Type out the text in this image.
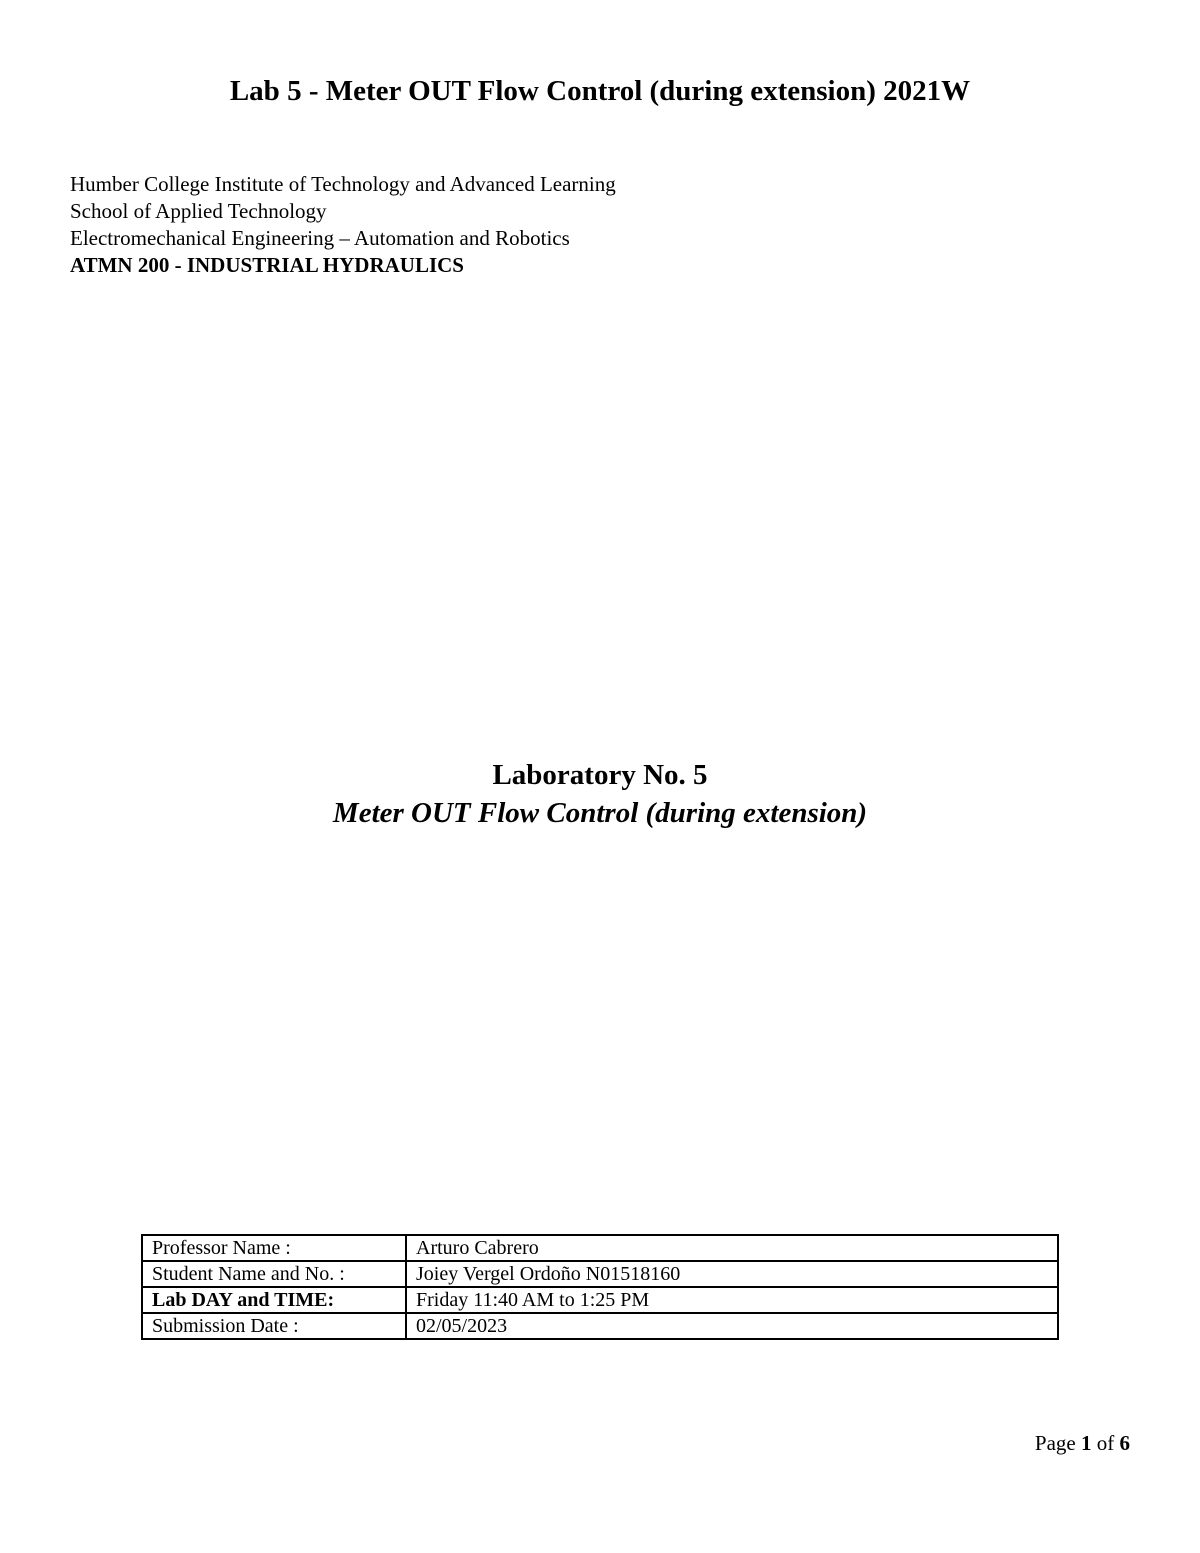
Lab 5 - Meter OUT Flow Control (during extension) 2021W
Humber College Institute of Technology and Advanced Learning
School of Applied Technology
Electromechanical Engineering – Automation and Robotics
ATMN 200 - INDUSTRIAL HYDRAULICS
Laboratory No. 5
Meter OUT Flow Control (during extension)
Professor Name :	Arturo Cabrero
Student Name and No. :	Joiey Vergel Ordoño N01518160
Lab DAY and TIME:	Friday 11:40 AM to 1:25 PM
Submission Date :	02/05/2023
Page 1 of 6
